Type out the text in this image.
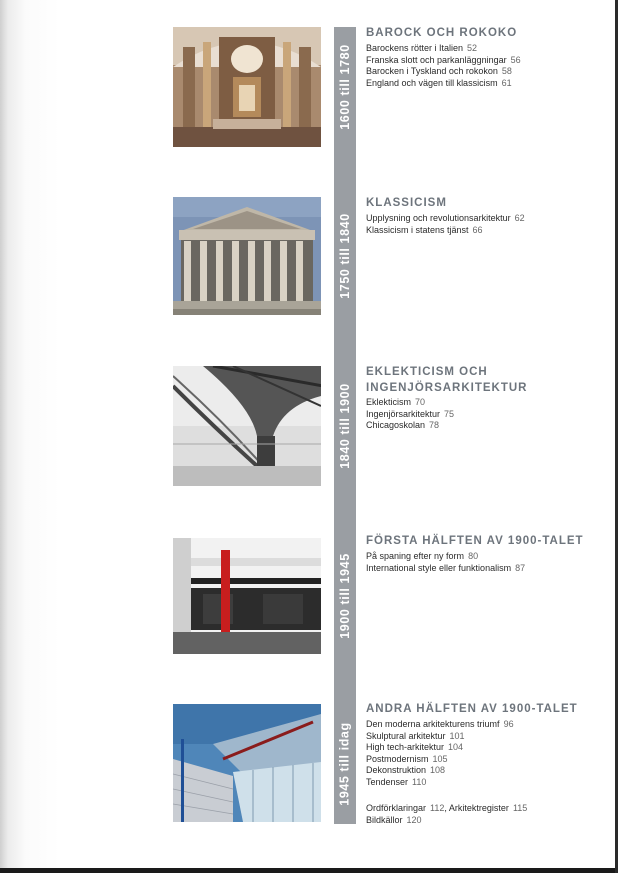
1600 till 1780
1750 till 1840
1840 till 1900
1900 till 1945
1945 till idag
BAROCK OCH ROKOKO
Barockens rötter i Italien 52
Franska slott och parkanläggningar 56
Barocken i Tyskland och rokokon 58
England och vägen till klassicism 61
KLASSICISM
Upplysning och revolutionsarkitektur 62
Klassicism i statens tjänst 66
EKLEKTICISM OCH
INGENJÖRSARKITEKTUR
Eklekticism 70
Ingenjörsarkitektur 75
Chicagoskolan 78
FÖRSTA HÄLFTEN AV 1900-TALET
På spaning efter ny form 80
International style eller funktionalism 87
ANDRA HÄLFTEN AV 1900-TALET
Den moderna arkitekturens triumf 96
Skulptural arkitektur 101
High tech-arkitektur 104
Postmodernism 105
Dekonstruktion 108
Tendenser 110
Ordförklaringar 112, Arkitektregister 115
Bildkällor 120
